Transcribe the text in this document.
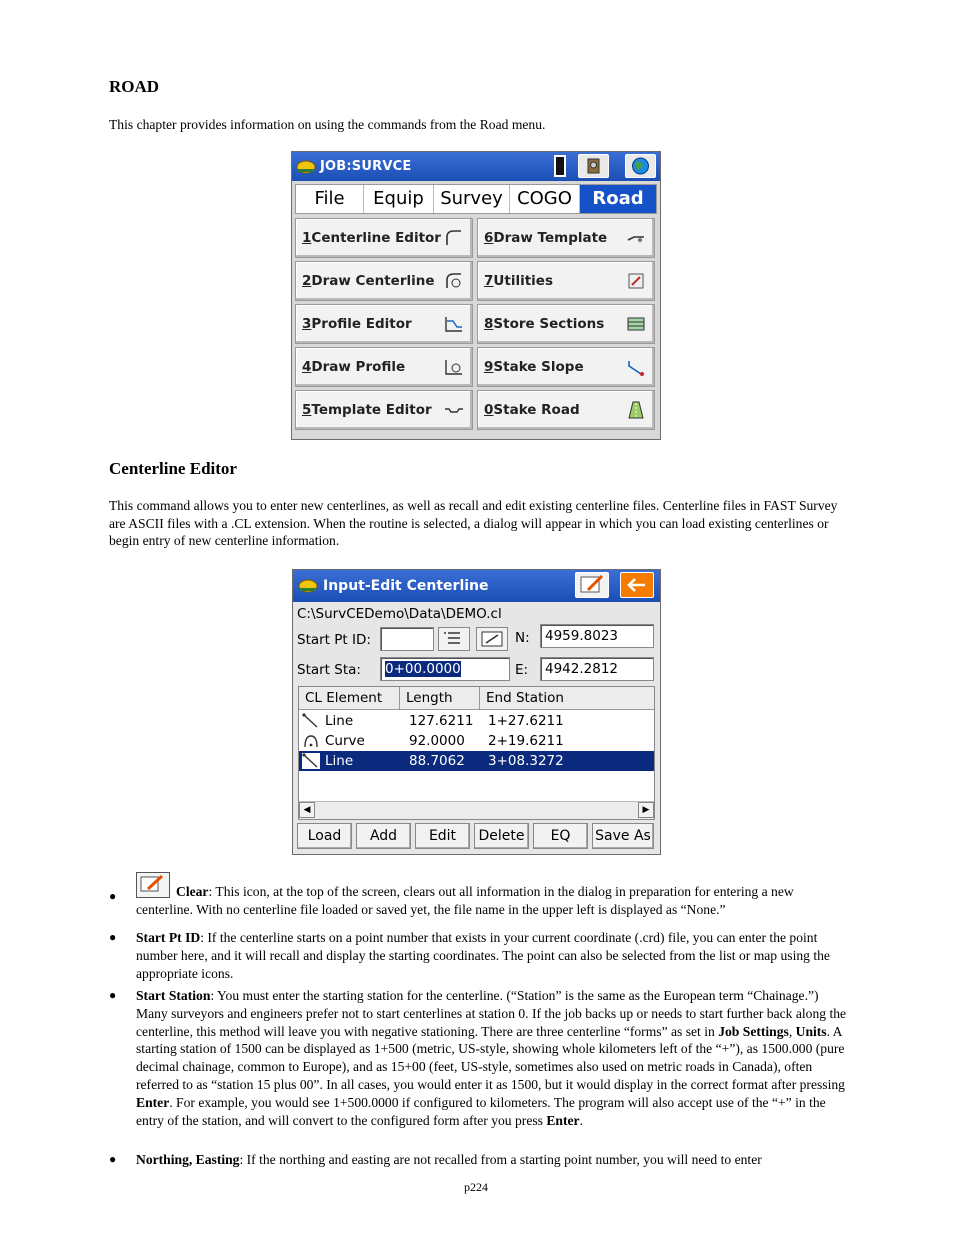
ROAD
This chapter provides information on using the commands from the Road menu.
JOB:SURVCE
File	Equip Survey COGO	Road
1Centerline Editor	6Draw Template
2Draw Centerline	7Utilities
3Profile Editor	8Store Sections
4Draw Profile	9Stake Slope
5Template Editor	0Stake Road
Centerline Editor
This command allows you to enter new centerlines, as well as recall and edit existing centerline files. Centerline files in FAST Survey are ASCII files with a .CL extension. When the routine is selected, a dialog will appear in which you can load existing centerlines or begin entry of new centerline information.
Input-Edit Centerline
C:\SurvCEDemo\Data\DEMO.cl
Start Pt ID:	N:	4959.8023
Start Sta:	0+00.0000	E:	4942.2812
CL Element	Length	End Station
Line	127.6211 1+27.6211
Curve	92.0000 2+19.6211
Line	88.7062 3+08.3272
◀	▶
Load	Add	Edit	Delete	EQ	Save As
●	Clear: This icon, at the top of the screen, clears out all information in the dialog in preparation for entering a new centerline. With no centerline file loaded or saved yet, the file name in the upper left is displayed as “None.”
● Start Pt ID: If the centerline starts on a point number that exists in your current coordinate (.crd) file, you can enter the point number here, and it will recall and display the starting coordinates. The point can also be selected from the list or map using the appropriate icons.
● Start Station: You must enter the starting station for the centerline. (“Station” is the same as the European term “Chainage.”) Many surveyors and engineers prefer not to start centerlines at station 0. If the job backs up or needs to start further back along the centerline, this method will leave you with negative stationing. There are three centerline “forms” as set in Job Settings, Units. A starting station of 1500 can be displayed as 1+500 (metric, US-style, showing whole kilometers left of the “+”), as 1500.000 (pure decimal chainage, common to Europe), and as 15+00 (feet, US-style, sometimes also used on metric roads in Canada), often referred to as “station 15 plus 00”. In all cases, you would enter it as 1500, but it would display in the correct format after pressing Enter. For example, you would see 1+500.0000 if configured to kilometers. The program will also accept use of the “+” in the entry of the station, and will convert to the configured form after you press Enter.
● Northing, Easting: If the northing and easting are not recalled from a starting point number, you will need to enter
p224
